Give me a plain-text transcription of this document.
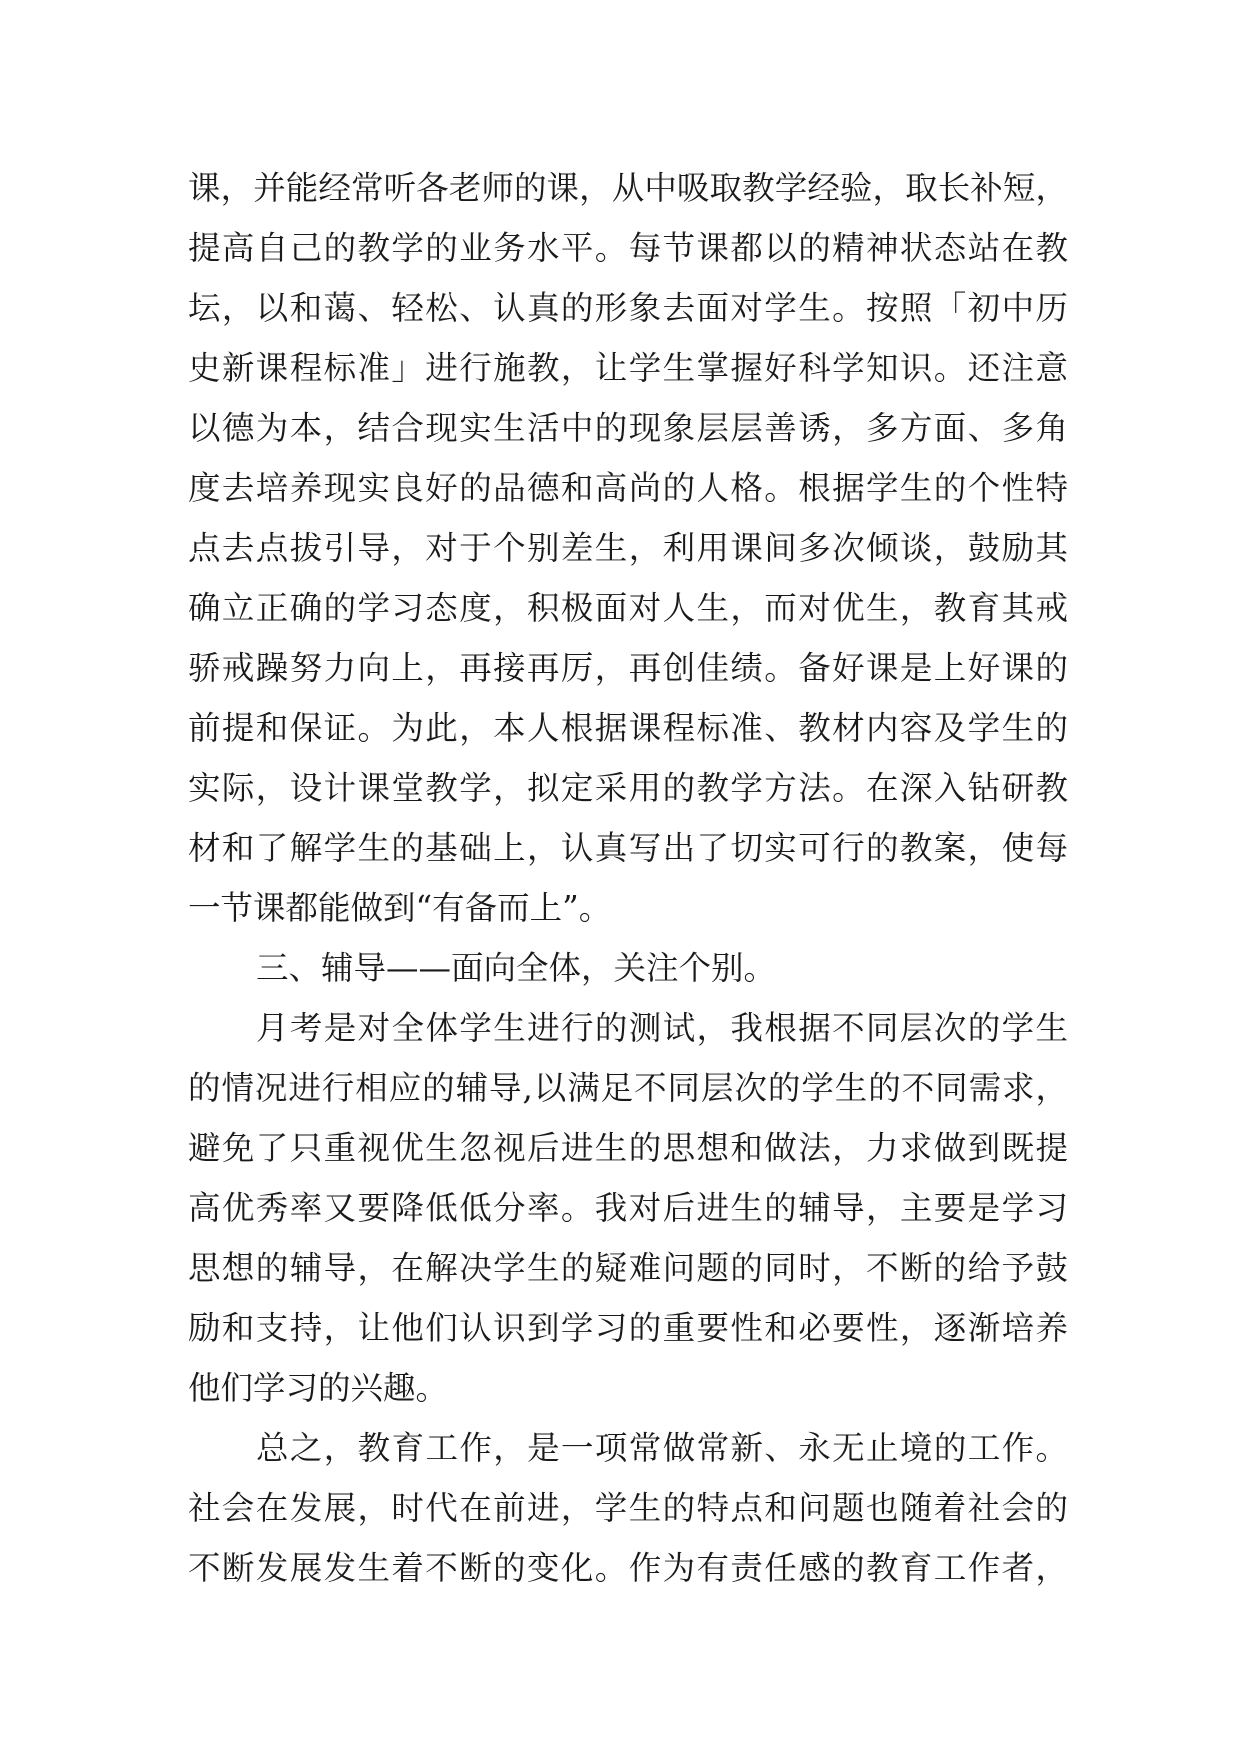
课，并能经常听各老师的课，从中吸取教学经验，取长补短，
提高自己的教学的业务水平。每节课都以的精神状态站在教
坛，以和蔼、轻松、认真的形象去面对学生。按照「初中历
史新课程标准」进行施教，让学生掌握好科学知识。还注意
以德为本，结合现实生活中的现象层层善诱，多方面、多角
度去培养现实良好的品德和高尚的人格。根据学生的个性特
点去点拔引导，对于个别差生，利用课间多次倾谈，鼓励其
确立正确的学习态度，积极面对人生，而对优生，教育其戒
骄戒躁努力向上，再接再厉，再创佳绩。备好课是上好课的
前提和保证。为此，本人根据课程标准、教材内容及学生的
实际，设计课堂教学，拟定采用的教学方法。在深入钻研教
材和了解学生的基础上，认真写出了切实可行的教案，使每
一节课都能做到“有备而上”。
三、辅导——面向全体，关注个别。
月考是对全体学生进行的测试，我根据不同层次的学生
的情况进行相应的辅导,以满足不同层次的学生的不同需求，
避免了只重视优生忽视后进生的思想和做法，力求做到既提
高优秀率又要降低低分率。我对后进生的辅导，主要是学习
思想的辅导，在解决学生的疑难问题的同时，不断的给予鼓
励和支持，让他们认识到学习的重要性和必要性，逐渐培养
他们学习的兴趣。
总之，教育工作，是一项常做常新、永无止境的工作。
社会在发展，时代在前进，学生的特点和问题也随着社会的
不断发展发生着不断的变化。作为有责任感的教育工作者，
